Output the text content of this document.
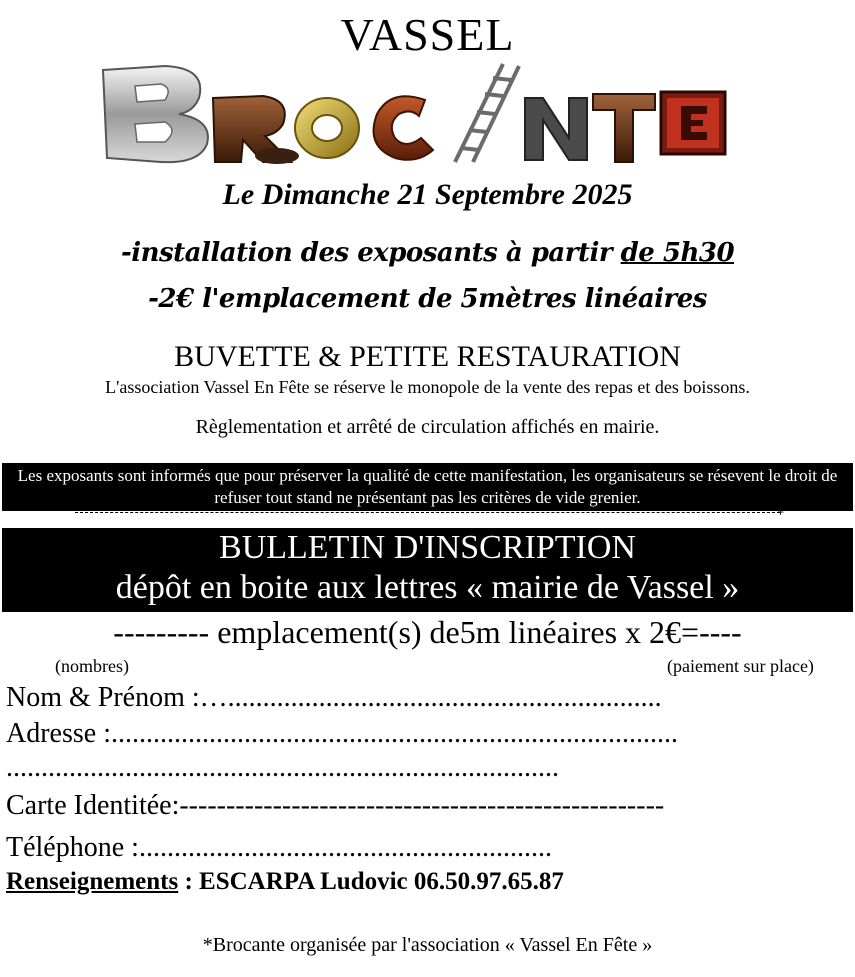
VASSEL
Le Dimanche 21 Septembre 2025
-installation des exposants à partir de 5h30
-2€ l'emplacement de 5mètres linéaires
BUVETTE & PETITE RESTAURATION
L'association Vassel En Fête se réserve le monopole de la vente des repas et des boissons.
Règlementation et arrêté de circulation affichés en mairie.
Les exposants sont informés que pour préserver la qualité de cette manifestation, les organisateurs se résevent le droit de refuser tout stand ne présentant pas les critères de vide grenier.
+
BULLETIN D'INSCRIPTION
dépôt en boite aux lettres « mairie de Vassel »
--------- emplacement(s) de5m linéaires x 2€=----
(nombres)	(paiement sur place)
Nom & Prénom :…..............................................................
Adresse :.................................................................................
...............................................................................
Carte Identitée:----------------------------------------------------
Téléphone :...........................................................
Renseignements : ESCARPA Ludovic 06.50.97.65.87
*Brocante organisée par l'association « Vassel En Fête »
